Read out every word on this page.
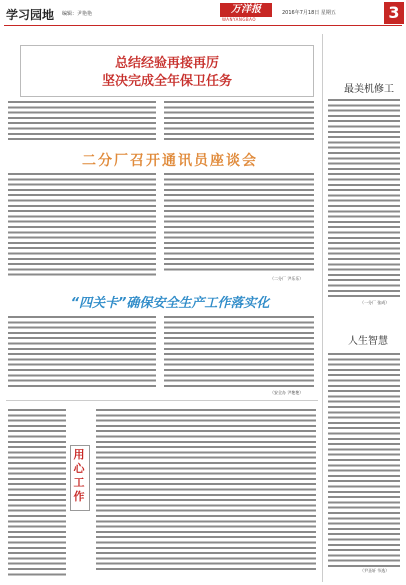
学习园地 编辑：尹艳艳	万洋报
WANYANGBAO
2016年7月18日 星期五	3
总结经验再接再厉
坚决完成全年保卫任务
二分厂召开通讯员座谈会
（二分厂 尹乐乐）
“四关卡”确保安全生产工作落实化
（安全办 尹艳艳）
用心工作
最美机修工
（一分厂 张成）
人生智慧
（尹圣轩 节选）
